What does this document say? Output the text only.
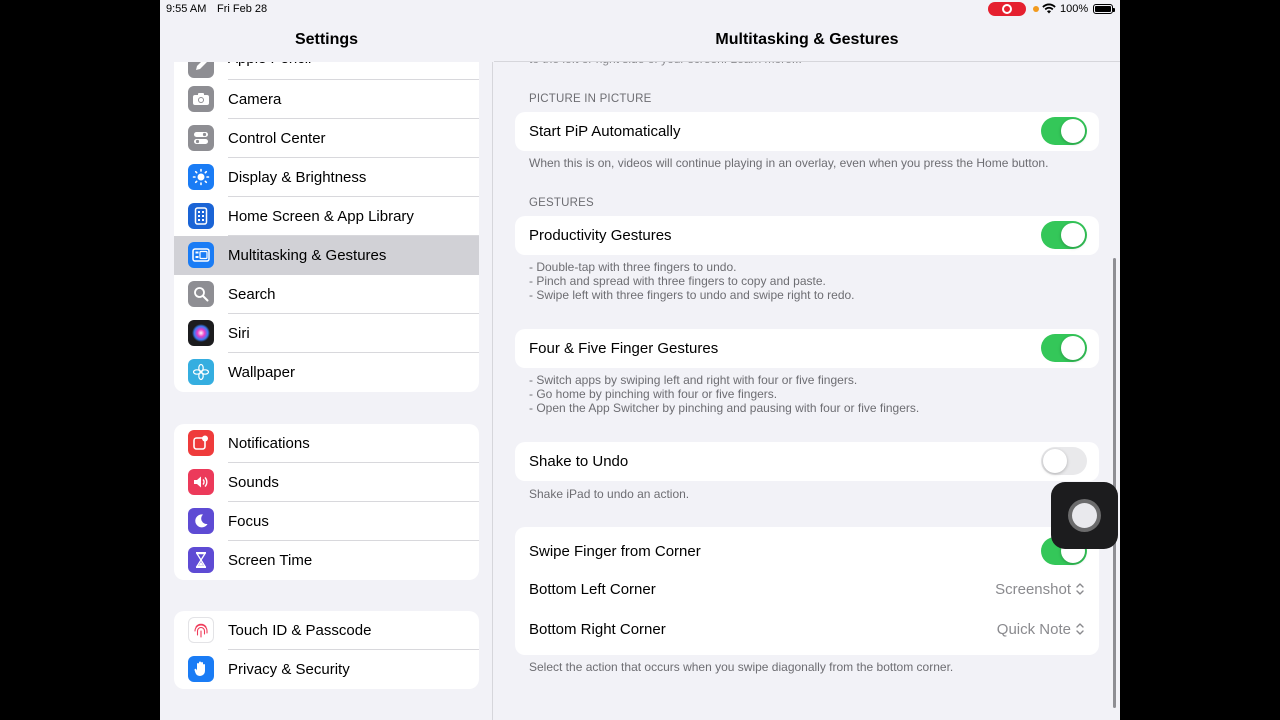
9:55 AM Fri Feb 28	100%
Settings
Camera
Control Center
Display & Brightness
Home Screen & App Library
Multitasking & Gestures
Search
Siri
Wallpaper
Notifications
Sounds
Focus
Screen Time
Touch ID & Passcode
Privacy & Security
Multitasking & Gestures
PICTURE IN PICTURE
Start PiP Automatically
When this is on, videos will continue playing in an overlay, even when you press the Home button.
GESTURES
Productivity Gestures
- Double-tap with three fingers to undo.
- Pinch and spread with three fingers to copy and paste.
- Swipe left with three fingers to undo and swipe right to redo.
Four & Five Finger Gestures
- Switch apps by swiping left and right with four or five fingers.
- Go home by pinching with four or five fingers.
- Open the App Switcher by pinching and pausing with four or five fingers.
Shake to Undo
Shake iPad to undo an action.
Swipe Finger from Corner
Bottom Left Corner	Screenshot
Bottom Right Corner	Quick Note
Select the action that occurs when you swipe diagonally from the bottom corner.
